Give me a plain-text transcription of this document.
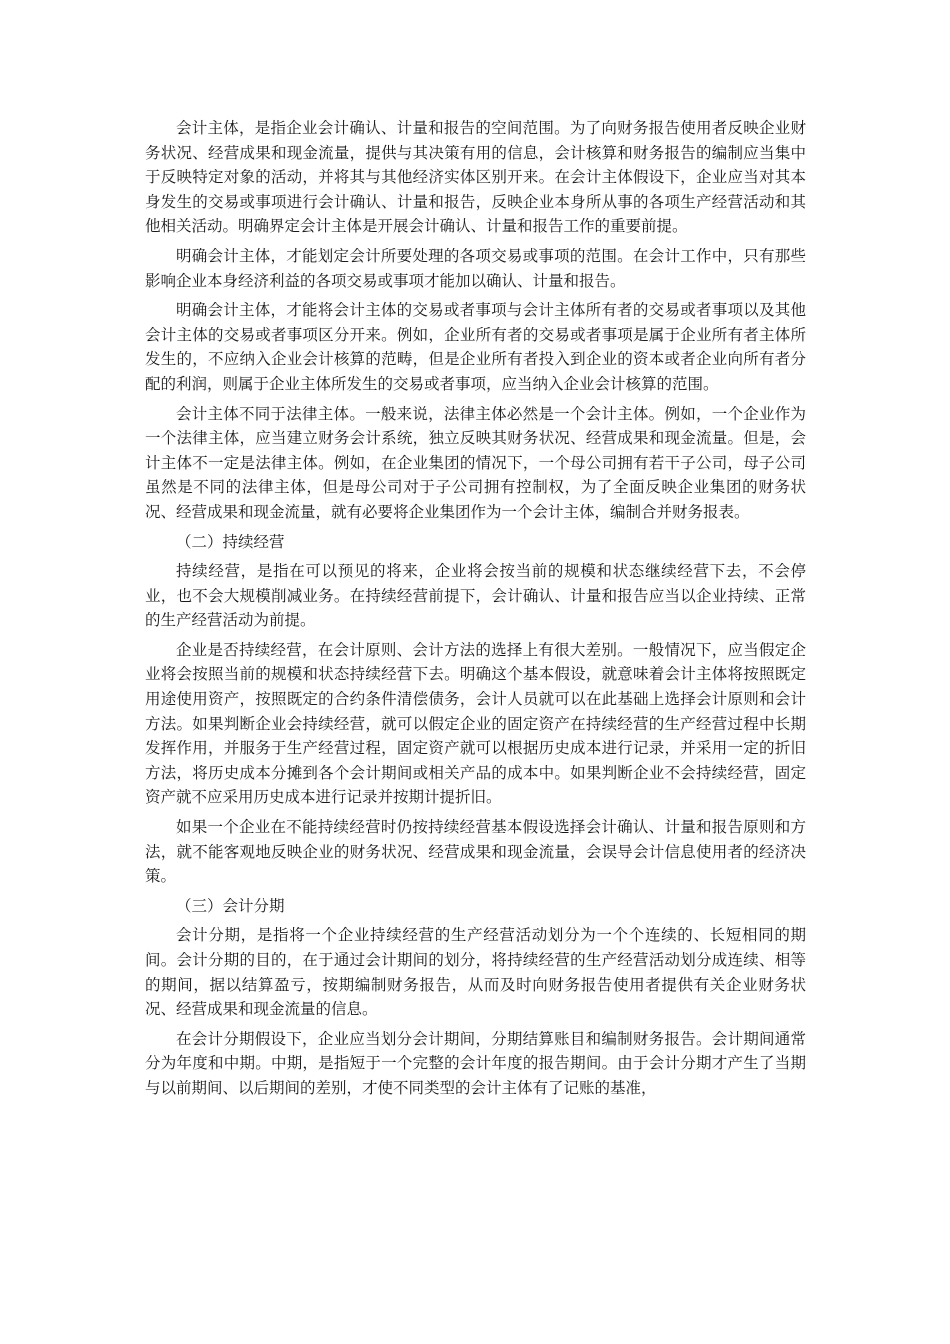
会计主体，是指企业会计确认、计量和报告的空间范围。为了向财务报告使用者反映企业财务状况、经营成果和现金流量，提供与其决策有用的信息，会计核算和财务报告的编制应当集中于反映特定对象的活动，并将其与其他经济实体区别开来。在会计主体假设下，企业应当对其本身发生的交易或事项进行会计确认、计量和报告，反映企业本身所从事的各项生产经营活动和其他相关活动。明确界定会计主体是开展会计确认、计量和报告工作的重要前提。

明确会计主体，才能划定会计所要处理的各项交易或事项的范围。在会计工作中，只有那些影响企业本身经济利益的各项交易或事项才能加以确认、计量和报告。

明确会计主体，才能将会计主体的交易或者事项与会计主体所有者的交易或者事项以及其他会计主体的交易或者事项区分开来。例如，企业所有者的交易或者事项是属于企业所有者主体所发生的，不应纳入企业会计核算的范畴，但是企业所有者投入到企业的资本或者企业向所有者分配的利润，则属于企业主体所发生的交易或者事项，应当纳入企业会计核算的范围。

会计主体不同于法律主体。一般来说，法律主体必然是一个会计主体。例如，一个企业作为一个法律主体，应当建立财务会计系统，独立反映其财务状况、经营成果和现金流量。但是，会计主体不一定是法律主体。例如，在企业集团的情况下，一个母公司拥有若干子公司，母子公司虽然是不同的法律主体，但是母公司对于子公司拥有控制权，为了全面反映企业集团的财务状况、经营成果和现金流量，就有必要将企业集团作为一个会计主体，编制合并财务报表。

（二）持续经营

持续经营，是指在可以预见的将来，企业将会按当前的规模和状态继续经营下去，不会停业，也不会大规模削减业务。在持续经营前提下，会计确认、计量和报告应当以企业持续、正常的生产经营活动为前提。

企业是否持续经营，在会计原则、会计方法的选择上有很大差别。一般情况下，应当假定企业将会按照当前的规模和状态持续经营下去。明确这个基本假设，就意味着会计主体将按照既定用途使用资产，按照既定的合约条件清偿债务，会计人员就可以在此基础上选择会计原则和会计方法。如果判断企业会持续经营，就可以假定企业的固定资产在持续经营的生产经营过程中长期发挥作用，并服务于生产经营过程，固定资产就可以根据历史成本进行记录，并采用一定的折旧方法，将历史成本分摊到各个会计期间或相关产品的成本中。如果判断企业不会持续经营，固定资产就不应采用历史成本进行记录并按期计提折旧。

如果一个企业在不能持续经营时仍按持续经营基本假设选择会计确认、计量和报告原则和方法，就不能客观地反映企业的财务状况、经营成果和现金流量，会误导会计信息使用者的经济决策。

（三）会计分期

会计分期，是指将一个企业持续经营的生产经营活动划分为一个个连续的、长短相同的期间。会计分期的目的，在于通过会计期间的划分，将持续经营的生产经营活动划分成连续、相等的期间，据以结算盈亏，按期编制财务报告，从而及时向财务报告使用者提供有关企业财务状况、经营成果和现金流量的信息。

在会计分期假设下，企业应当划分会计期间，分期结算账目和编制财务报告。会计期间通常分为年度和中期。中期，是指短于一个完整的会计年度的报告期间。由于会计分期才产生了当期与以前期间、以后期间的差别，才使不同类型的会计主体有了记账的基准，
